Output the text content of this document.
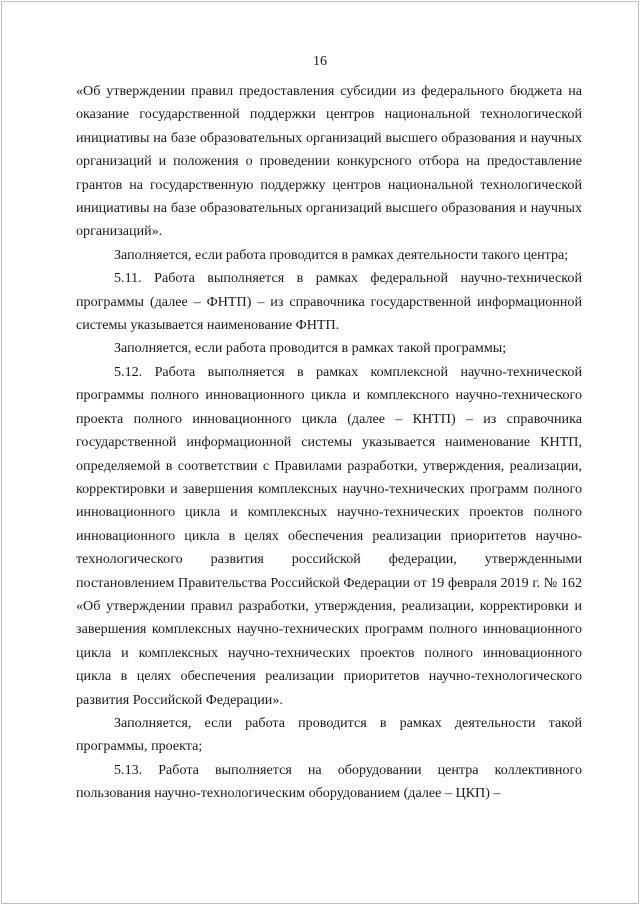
16

«Об утверждении правил предоставления субсидии из федерального бюджета на оказание государственной поддержки центров национальной технологической инициативы на базе образовательных организаций высшего образования и научных организаций и положения о проведении конкурсного отбора на предоставление грантов на государственную поддержку центров национальной технологической инициативы на базе образовательных организаций высшего образования и научных организаций».

Заполняется, если работа проводится в рамках деятельности такого центра;

5.11. Работа выполняется в рамках федеральной научно-технической программы (далее – ФНТП) – из справочника государственной информационной системы указывается наименование ФНТП.

Заполняется, если работа проводится в рамках такой программы;

5.12. Работа выполняется в рамках комплексной научно-технической программы полного инновационного цикла и комплексного научно-технического проекта полного инновационного цикла (далее – КНТП) – из справочника государственной информационной системы указывается наименование КНТП, определяемой в соответствии с Правилами разработки, утверждения, реализации, корректировки и завершения комплексных научно-технических программ полного инновационного цикла и комплексных научно-технических проектов полного инновационного цикла в целях обеспечения реализации приоритетов научно-технологического развития российской федерации, утвержденными постановлением Правительства Российской Федерации от 19 февраля 2019 г. № 162 «Об утверждении правил разработки, утверждения, реализации, корректировки и завершения комплексных научно-технических программ полного инновационного цикла и комплексных научно-технических проектов полного инновационного цикла в целях обеспечения реализации приоритетов научно-технологического развития Российской Федерации».

Заполняется, если работа проводится в рамках деятельности такой программы, проекта;

5.13. Работа выполняется на оборудовании центра коллективного пользования научно-технологическим оборудованием (далее – ЦКП) –
